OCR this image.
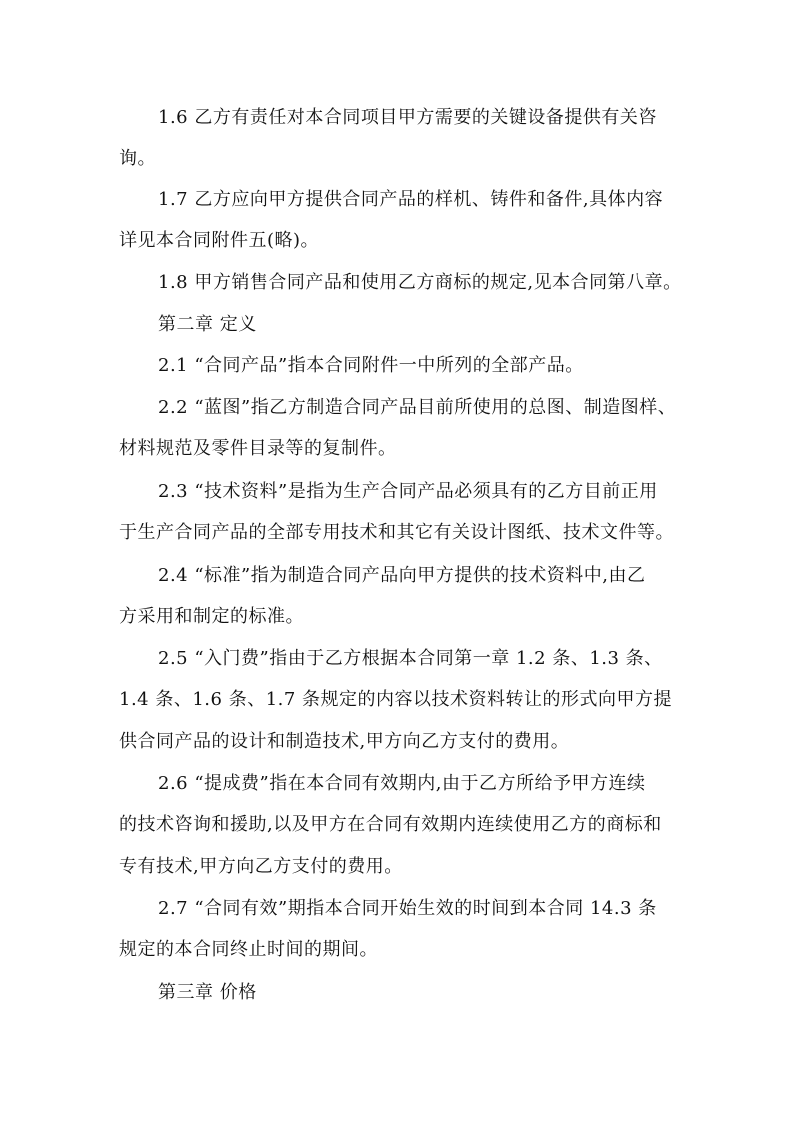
1.6 乙方有责任对本合同项目甲方需要的关键设备提供有关咨
询。
1.7 乙方应向甲方提供合同产品的样机、铸件和备件,具体内容
详见本合同附件五(略)。
1.8 甲方销售合同产品和使用乙方商标的规定,见本合同第八章。
第二章 定义
2.1 “合同产品”指本合同附件一中所列的全部产品。
2.2 “蓝图”指乙方制造合同产品目前所使用的总图、制造图样、
材料规范及零件目录等的复制件。
2.3 “技术资料”是指为生产合同产品必须具有的乙方目前正用
于生产合同产品的全部专用技术和其它有关设计图纸、技术文件等。
2.4 “标准”指为制造合同产品向甲方提供的技术资料中,由乙
方采用和制定的标准。
2.5 “入门费”指由于乙方根据本合同第一章 1.2 条、1.3 条、
1.4 条、1.6 条、1.7 条规定的内容以技术资料转让的形式向甲方提
供合同产品的设计和制造技术,甲方向乙方支付的费用。
2.6 “提成费”指在本合同有效期内,由于乙方所给予甲方连续
的技术咨询和援助,以及甲方在合同有效期内连续使用乙方的商标和
专有技术,甲方向乙方支付的费用。
2.7 “合同有效”期指本合同开始生效的时间到本合同 14.3 条
规定的本合同终止时间的期间。
第三章 价格
